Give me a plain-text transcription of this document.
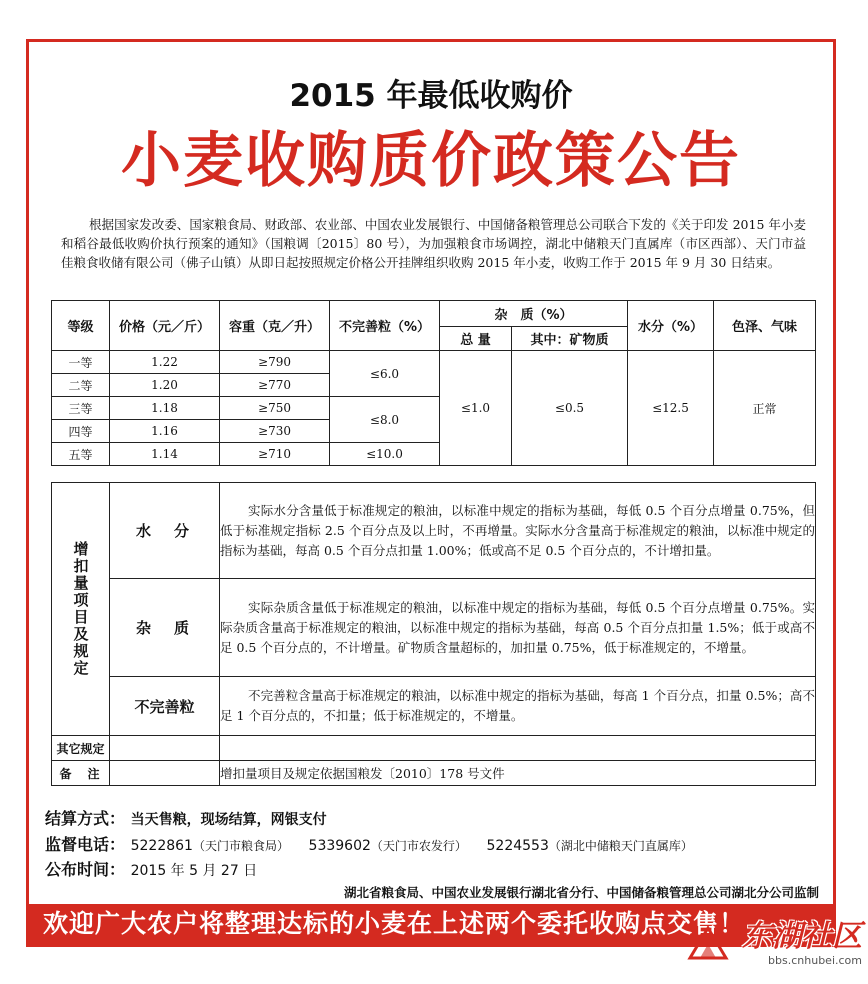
2015 年最低收购价
小麦收购质价政策公告
根据国家发改委、国家粮食局、财政部、农业部、中国农业发展银行、中国储备粮管理总公司联合下发的《关于印发 2015 年小麦和稻谷最低收购价执行预案的通知》（国粮调〔2015〕80 号），为加强粮食市场调控，湖北中储粮天门直属库（市区西部）、天门市益佳粮食收储有限公司（佛子山镇）从即日起按照规定价格公开挂牌组织收购 2015 年小麦，收购工作于 2015 年 9 月 30 日结束。
等级	价格（元／斤）	容重（克／升）	不完善粒（%）	杂　质（%）		水分（%）	色泽、气味
				总 量	其中：矿物质		
一等	1.22	≥790	≤6.0	≤1.0	≤0.5	≤12.5	正常
二等	1.20	≥770					
三等	1.18	≥750	≤8.0				
四等	1.16	≥730					
五等	1.14	≥710	≤10.0				
增扣量项目及规定	水　分	实际水分含量低于标准规定的粮油，以标准中规定的指标为基础，每低 0.5 个百分点增量 0.75%，但低于标准规定指标 2.5 个百分点及以上时，不再增量。实际水分含量高于标准规定的粮油，以标准中规定的指标为基础，每高 0.5 个百分点扣量 1.00%；低或高不足 0.5 个百分点的，不计增扣量。
	杂　质	实际杂质含量低于标准规定的粮油，以标准中规定的指标为基础，每低 0.5 个百分点增量 0.75%。实际杂质含量高于标准规定的粮油，以标准中规定的指标为基础，每高 0.5 个百分点扣量 1.5%；低于或高不足 0.5 个百分点的，不计增量。矿物质含量超标的，加扣量 0.75%，低于标准规定的，不增量。
	不完善粒	不完善粒含量高于标准规定的粮油，以标准中规定的指标为基础，每高 1 个百分点，扣量 0.5%；高不足 1 个百分点的，不扣量；低于标准规定的，不增量。
其它规定		
备　注		增扣量项目及规定依据国粮发〔2010〕178 号文件
结算方式： 当天售粮，现场结算，网银支付
监督电话： 5222861（天门市粮食局） 5339602（天门市农发行） 5224553（湖北中储粮天门直属库）
公布时间： 2015 年 5 月 27 日
湖北省粮食局、中国农业发展银行湖北省分行、中国储备粮管理总公司湖北分公司监制
欢迎广大农户将整理达标的小麦在上述两个委托收购点交售！
东湖社区
bbs.cnhubei.com
